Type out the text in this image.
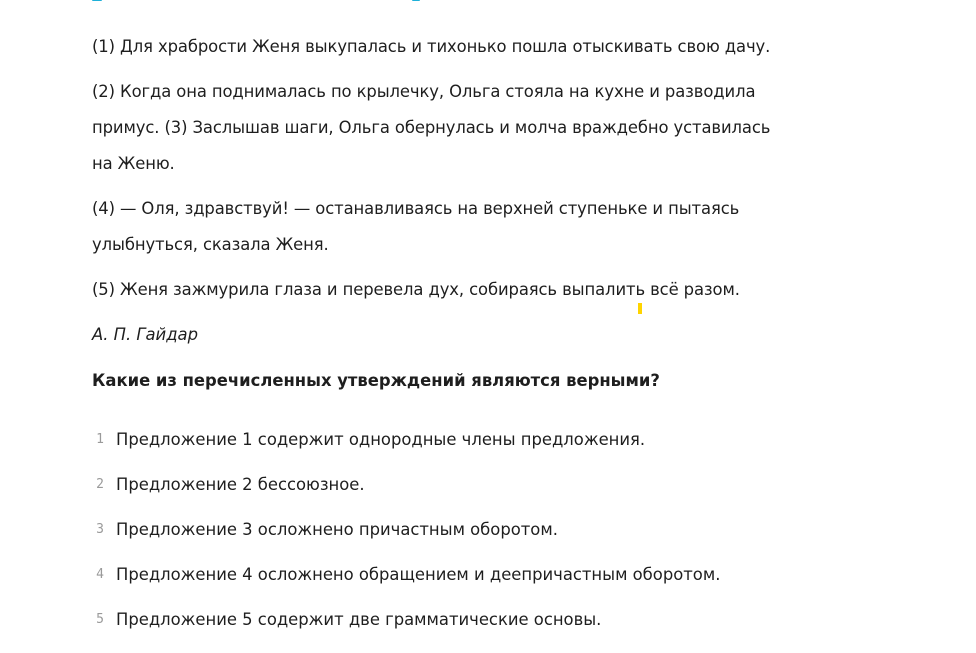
(1) Для храбрости Женя выкупалась и тихонько пошла отыскивать свою дачу.

(2) Когда она поднималась по крылечку, Ольга стояла на кухне и разводила примус. (3) Заслышав шаги, Ольга обернулась и молча враждебно уставилась на Женю.

(4) — Оля, здравствуй! — останавливаясь на верхней ступеньке и пытаясь улыбнуться, сказала Женя.

(5) Женя зажмурила глаза и перевела дух, собираясь выпалить всё разом.

А. П. Гайдар

Какие из перечисленных утверждений являются верными?

1 Предложение 1 содержит однородные члены предложения.
2 Предложение 2 бессоюзное.
3 Предложение 3 осложнено причастным оборотом.
4 Предложение 4 осложнено обращением и деепричастным оборотом.
5 Предложение 5 содержит две грамматические основы.
